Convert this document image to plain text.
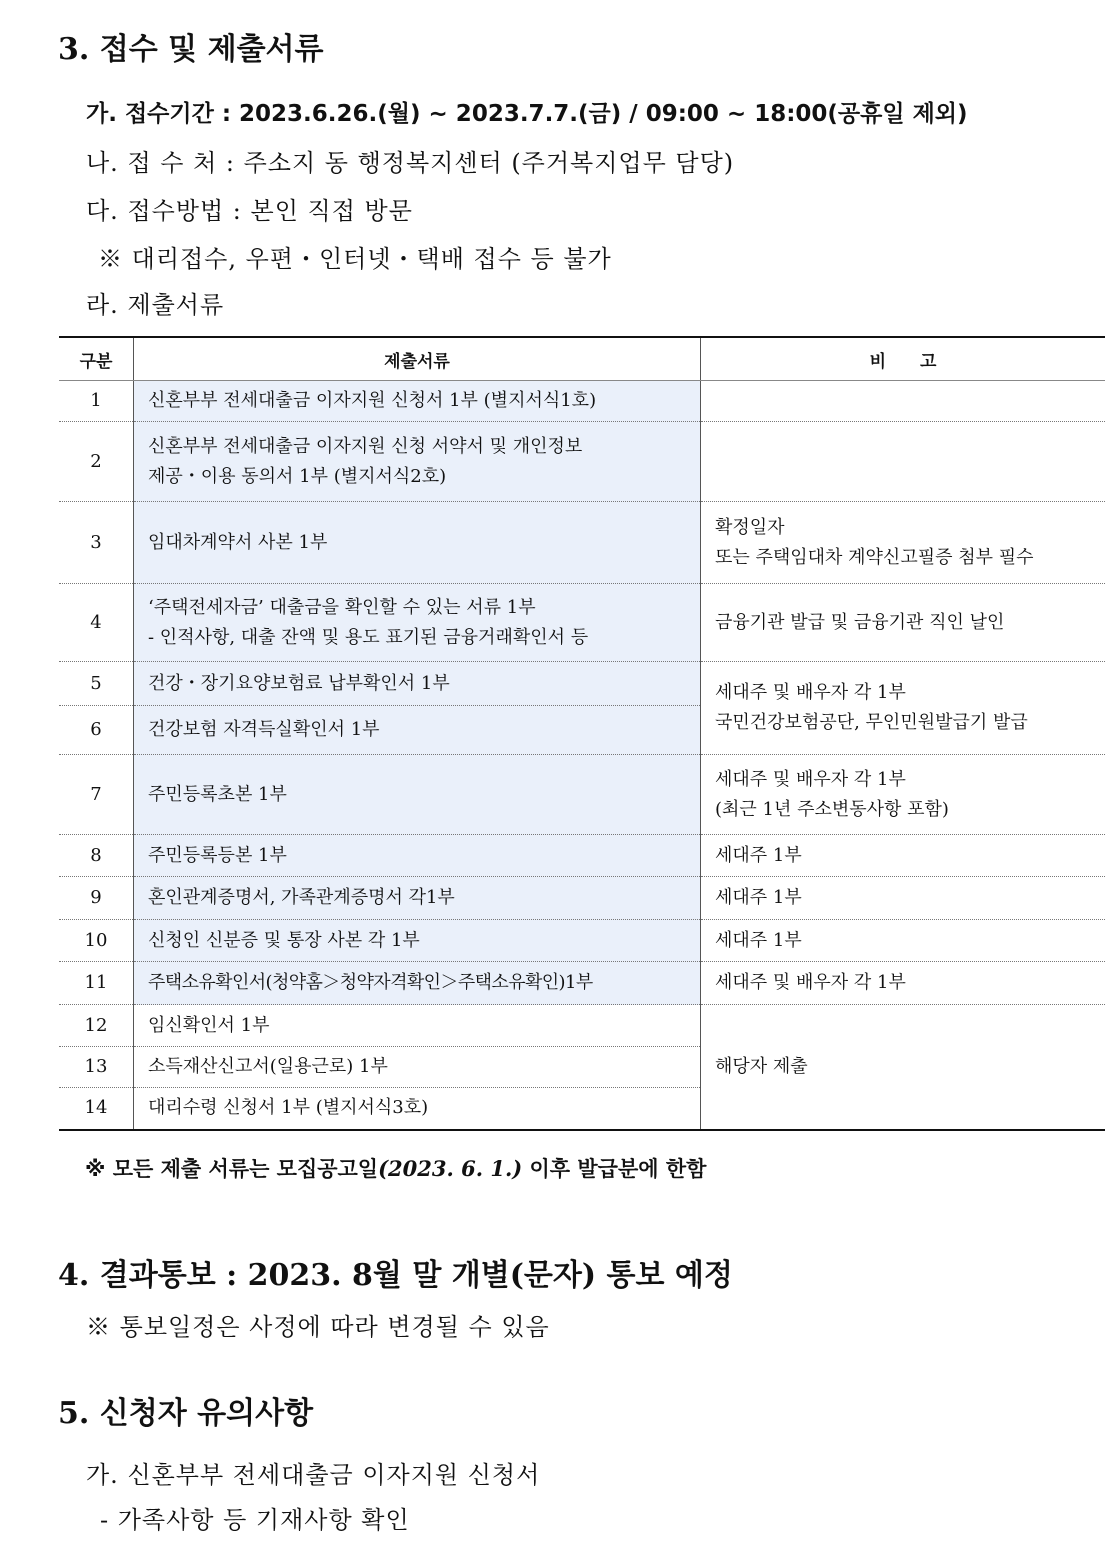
3. 접수 및 제출서류
가. 접수기간 : 2023.6.26.(월) ~ 2023.7.7.(금) / 09:00 ~ 18:00(공휴일 제외)
나. 접 수 처 : 주소지 동 행정복지센터 (주거복지업무 담당)
다. 접수방법 : 본인 직접 방문
※ 대리접수, 우편・인터넷・택배 접수 등 불가
라. 제출서류
구분	제출서류	비　　고
1	신혼부부 전세대출금 이자지원 신청서 1부 (별지서식1호)	
2	신혼부부 전세대출금 이자지원 신청 서약서 및 개인정보
제공・이용 동의서 1부 (별지서식2호)	

3	임대차계약서 사본 1부	확정일자
또는 주택임대차 계약신고필증 첨부 필수

4	‘주택전세자금’ 대출금을 확인할 수 있는 서류 1부
- 인적사항, 대출 잔액 및 용도 표기된 금융거래확인서 등	금융기관 발급 및 금융기관 직인 날인
5	건강・장기요양보험료 납부확인서 1부	세대주 및 배우자 각 1부
국민건강보험공단, 무인민원발급기 발급

6	건강보험 자격득실확인서 1부	
7	주민등록초본 1부	세대주 및 배우자 각 1부
(최근 1년 주소변동사항 포함)

8	주민등록등본 1부	세대주 1부
9	혼인관계증명서, 가족관계증명서 각1부	세대주 1부
10	신청인 신분증 및 통장 사본 각 1부	세대주 1부
11	주택소유확인서(청약홈＞청약자격확인＞주택소유확인)1부	세대주 및 배우자 각 1부
12	임신확인서 1부	해당자 제출
13	소득재산신고서(일용근로) 1부	
14	대리수령 신청서 1부 (별지서식3호)	
※ 모든 제출 서류는 모집공고일(2023. 6. 1.) 이후 발급분에 한함
4. 결과통보 : 2023. 8월 말 개별(문자) 통보 예정
※ 통보일정은 사정에 따라 변경될 수 있음
5. 신청자 유의사항
가. 신혼부부 전세대출금 이자지원 신청서
- 가족사항 등 기재사항 확인
